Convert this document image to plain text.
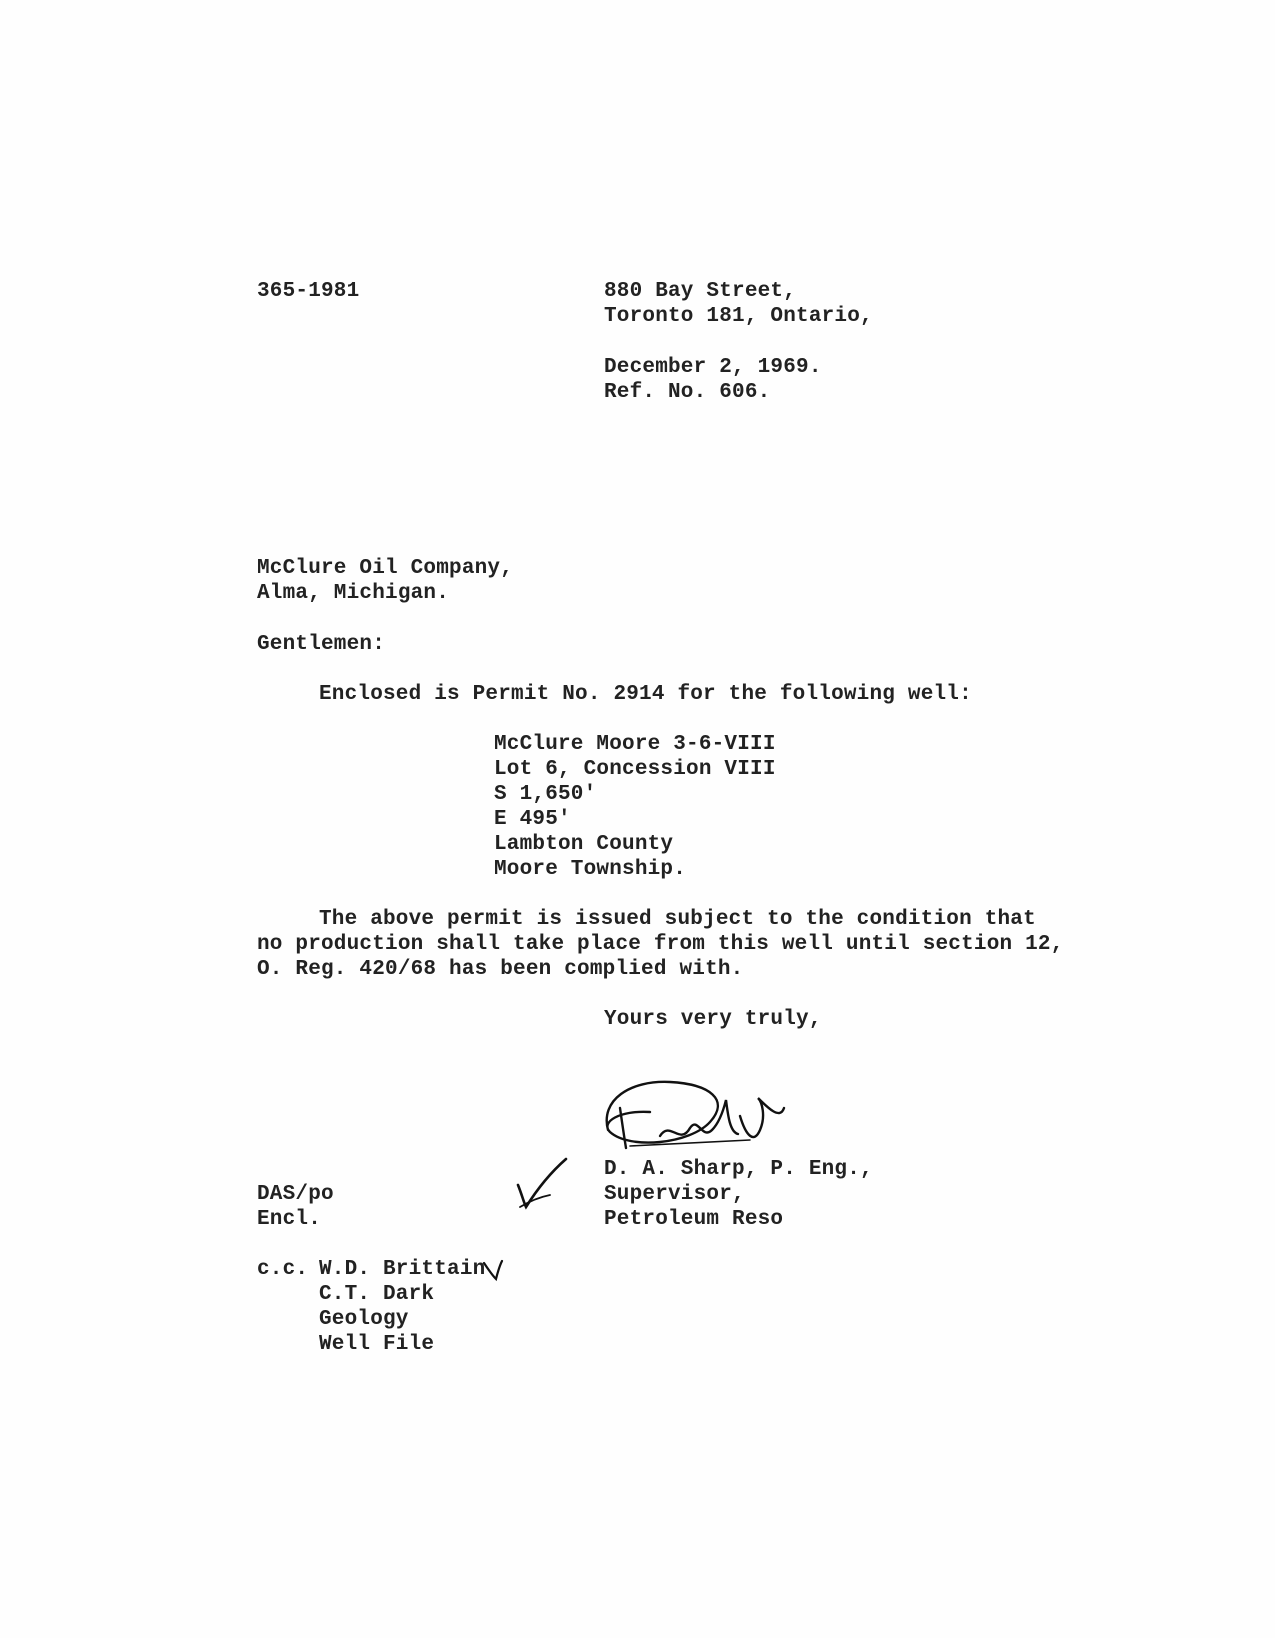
365-1981	880 Bay Street,
Toronto 181, Ontario,
December 2, 1969.
Ref. No. 606.
McClure Oil Company,
Alma, Michigan.
Gentlemen:
Enclosed is Permit No. 2914 for the following well:
McClure Moore 3-6-VIII
Lot 6, Concession VIII
S 1,650'
E 495'
Lambton County
Moore Township.
The above permit is issued subject to the condition that
no production shall take place from this well until section 12,
O. Reg. 420/68 has been complied with.
Yours very truly,
D. A. Sharp, P. Eng.,
Supervisor,
Petroleum Reso
DAS/po
Encl.
c.c. W.D. Brittain
C.T. Dark
Geology
Well File
